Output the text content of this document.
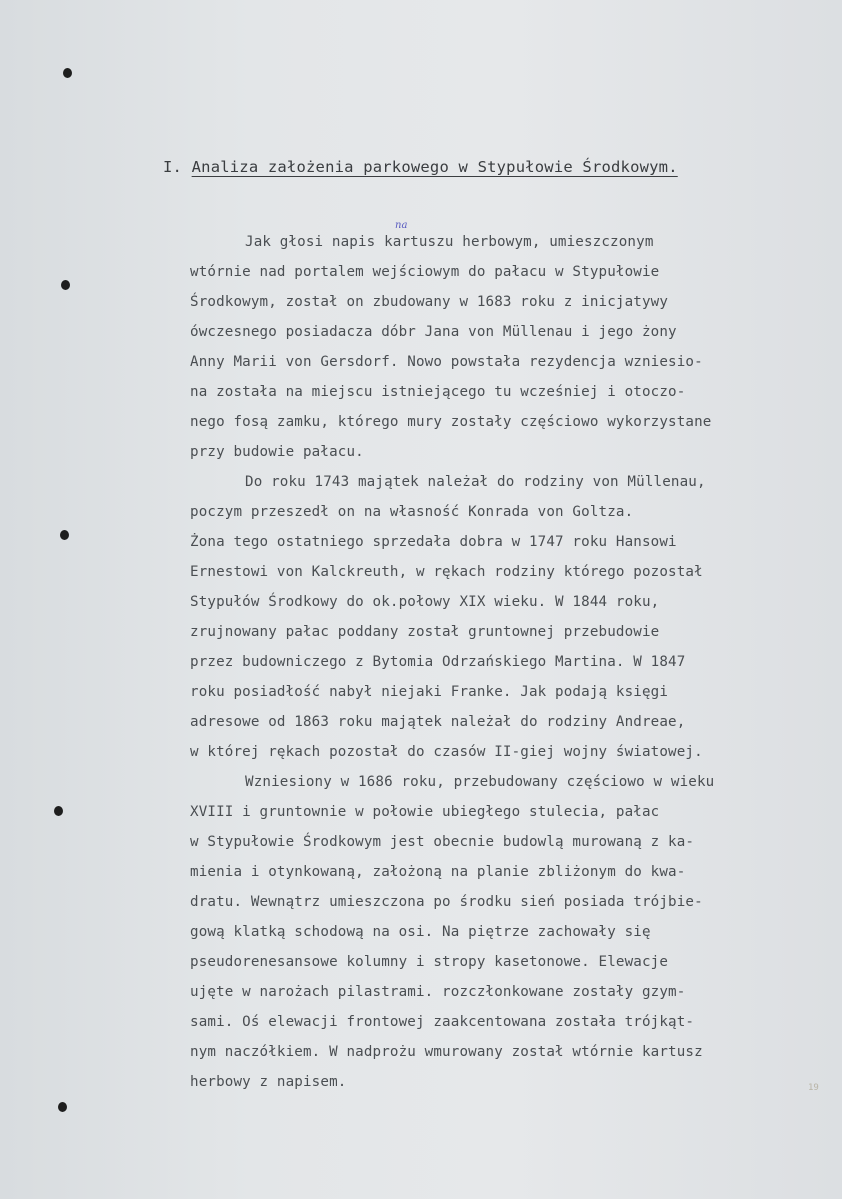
I. Analiza założenia parkowego w Stypułowie Środkowym.
na
Jak głosi napis kartuszu herbowym, umieszczonym
wtórnie nad portalem wejściowym do pałacu w Stypułowie
Środkowym, został on zbudowany w 1683 roku z inicjatywy
ówczesnego posiadacza dóbr Jana von Müllenau i jego żony
Anny Marii von Gersdorf. Nowo powstała rezydencja wzniesio-
na została na miejscu istniejącego tu wcześniej i otoczo-
nego fosą zamku, którego mury zostały częściowo wykorzystane
przy budowie pałacu.
Do roku 1743 majątek należał do rodziny von Müllenau,
poczym przeszedł on na własność Konrada von Goltza.
Żona tego ostatniego sprzedała dobra w 1747 roku Hansowi
Ernestowi von Kalckreuth, w rękach rodziny którego pozostał
Stypułów Środkowy do ok.połowy XIX wieku. W 1844 roku,
zrujnowany pałac poddany został gruntownej przebudowie
przez budowniczego z Bytomia Odrzańskiego Martina. W 1847
roku posiadłość nabył niejaki Franke. Jak podają księgi
adresowe od 1863 roku majątek należał do rodziny Andreae,
w której rękach pozostał do czasów II-giej wojny światowej.
Wzniesiony w 1686 roku, przebudowany częściowo w wieku
XVIII i gruntownie w połowie ubiegłego stulecia, pałac
w Stypułowie Środkowym jest obecnie budowlą murowaną z ka-
mienia i otynkowaną, założoną na planie zbliżonym do kwa-
dratu. Wewnątrz umieszczona po środku sień posiada trójbie-
gową klatką schodową na osi. Na piętrze zachowały się
pseudorenesansowe kolumny i stropy kasetonowe. Elewacje
ujęte w narożach pilastrami. rozczłonkowane zostały gzym-
sami. Oś elewacji frontowej zaakcentowana została trójkąt-
nym naczółkiem. W nadprożu wmurowany został wtórnie kartusz
herbowy z napisem.	19
